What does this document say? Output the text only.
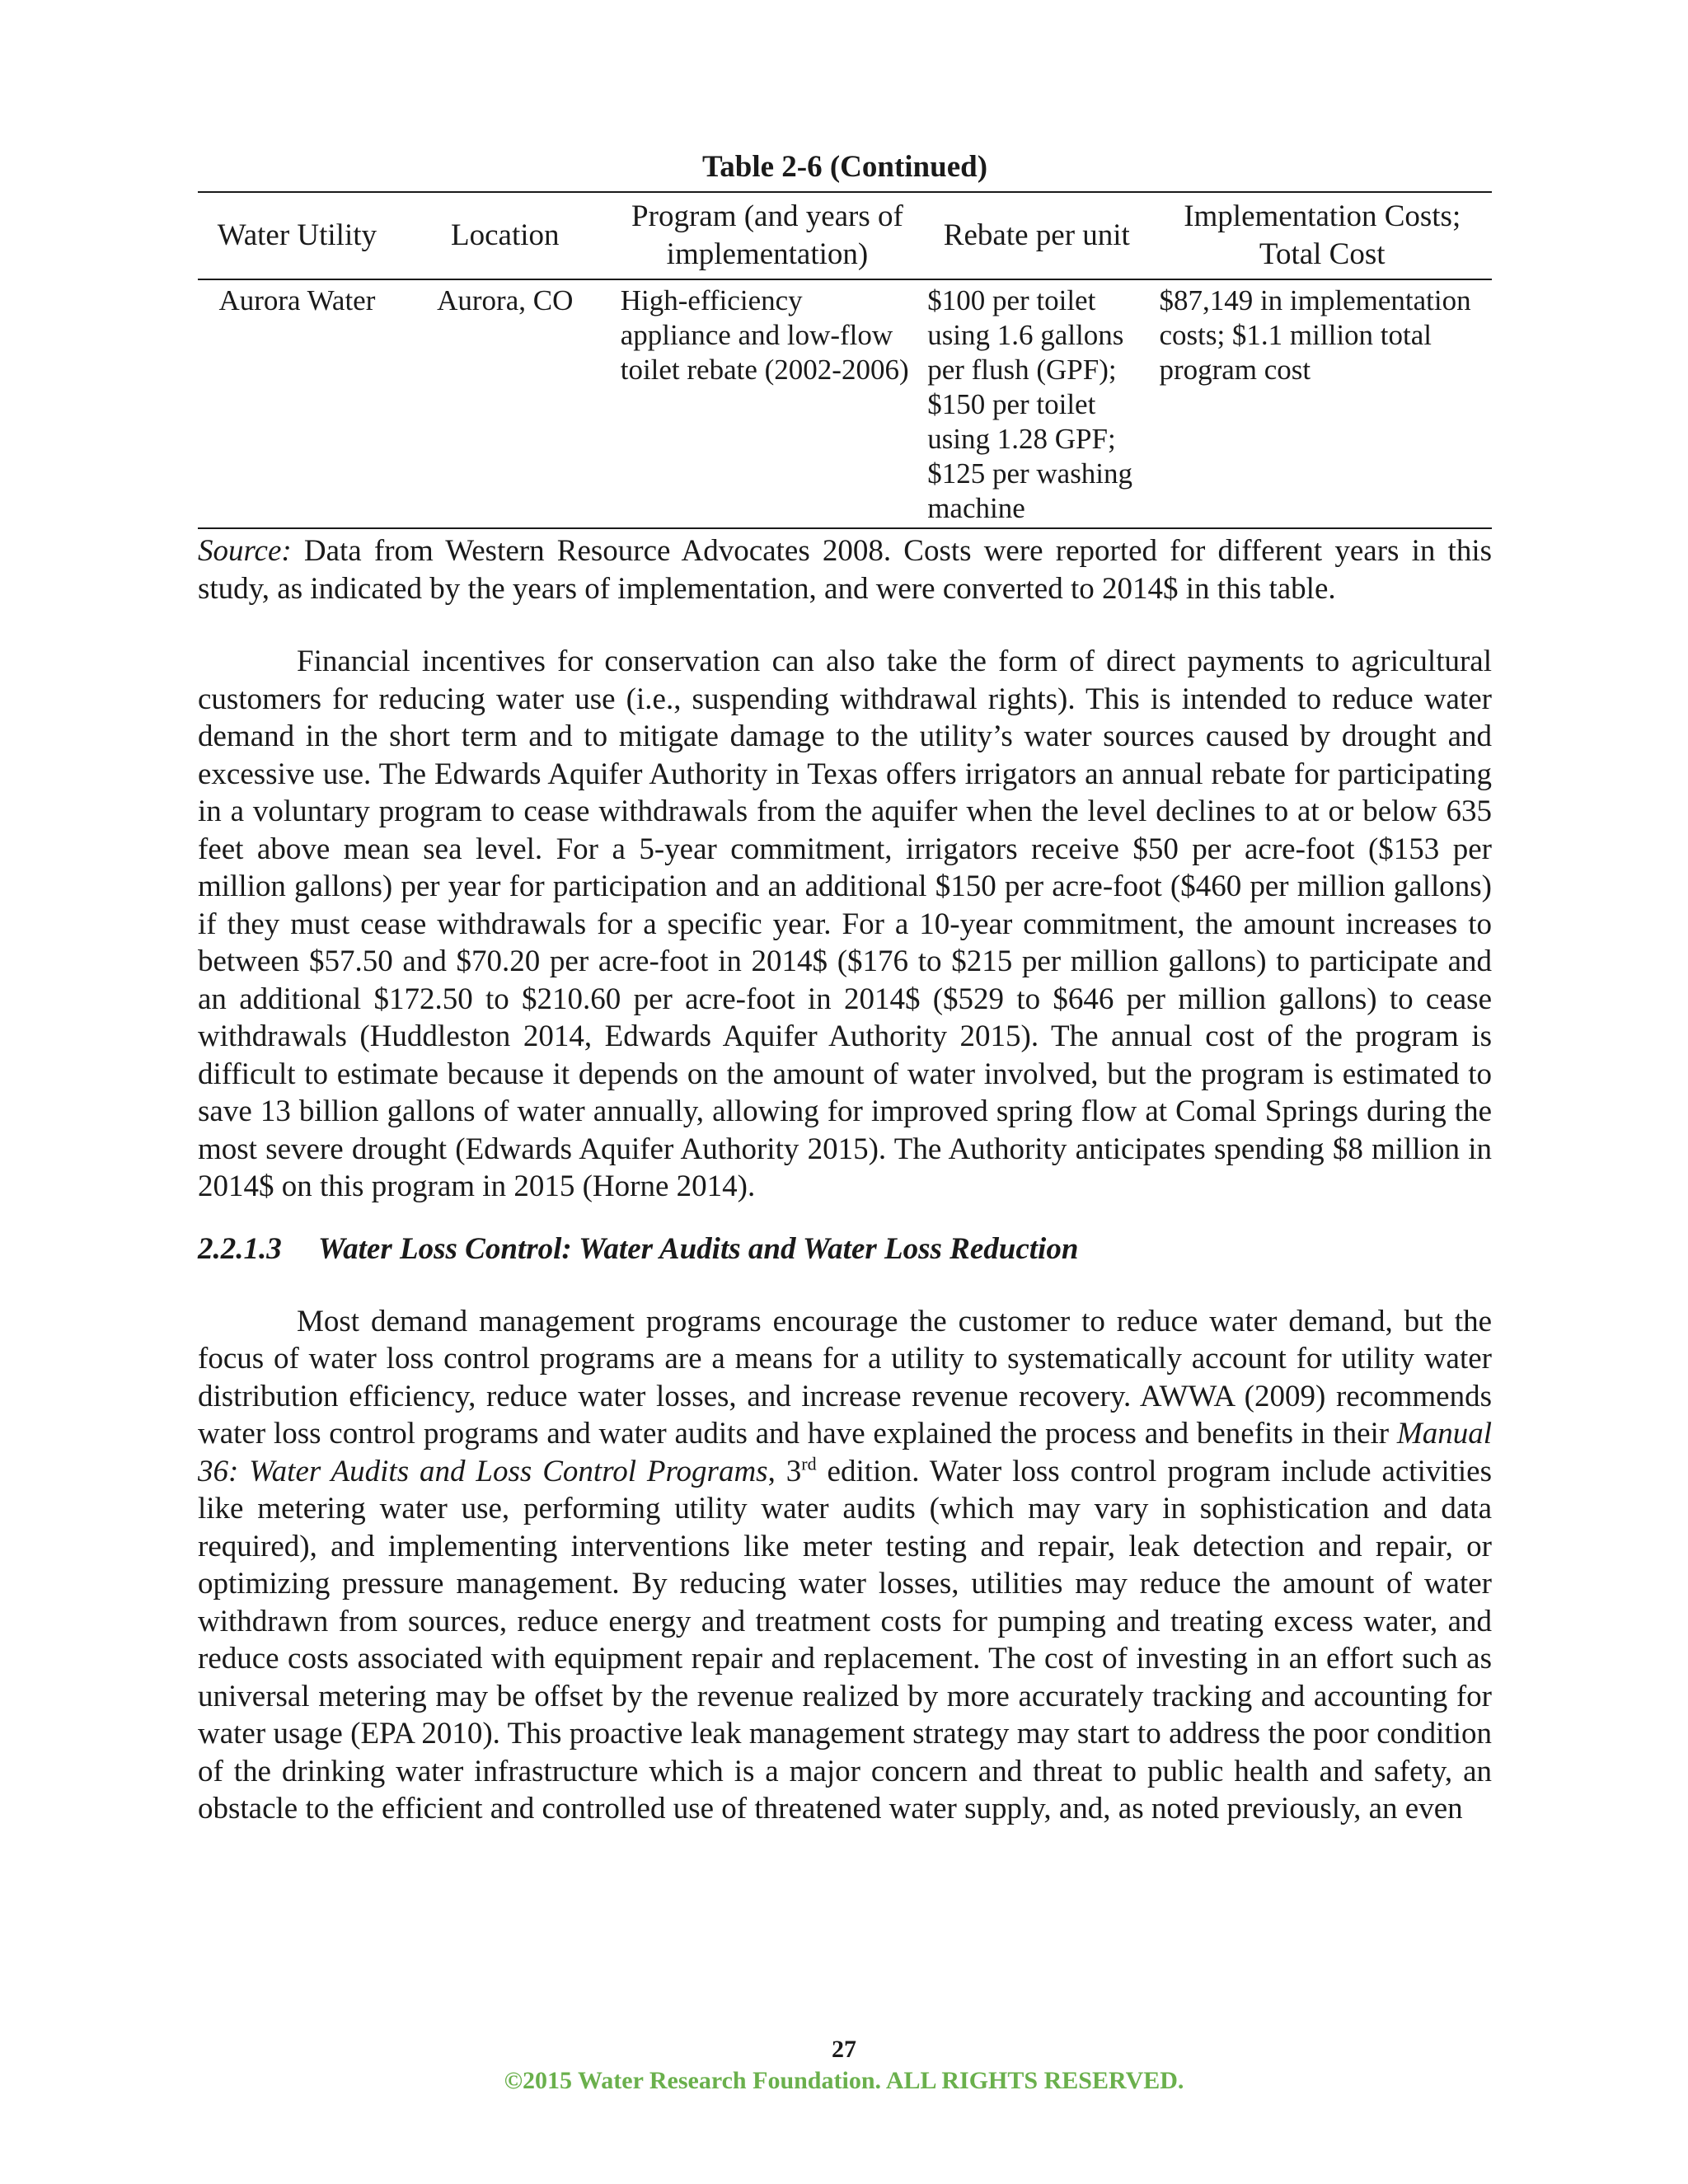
Table 2-6 (Continued)
Water Utility	Location	Program (and years of implementation)	Rebate per unit	Implementation Costs; Total Cost
Aurora Water	Aurora, CO	High-efficiency appliance and low-flow toilet rebate (2002-2006)	$100 per toilet using 1.6 gallons per flush (GPF); $150 per toilet using 1.28 GPF; $125 per washing machine	$87,149 in implementation costs; $1.1 million total program cost
Source: Data from Western Resource Advocates 2008. Costs were reported for different years in this study, as indicated by the years of implementation, and were converted to 2014$ in this table.

Financial incentives for conservation can also take the form of direct payments to agricultural customers for reducing water use (i.e., suspending withdrawal rights). This is intended to reduce water demand in the short term and to mitigate damage to the utility’s water sources caused by drought and excessive use. The Edwards Aquifer Authority in Texas offers irrigators an annual rebate for participating in a voluntary program to cease withdrawals from the aquifer when the level declines to at or below 635 feet above mean sea level. For a 5-year commitment, irrigators receive $50 per acre-foot ($153 per million gallons) per year for participation and an additional $150 per acre-foot ($460 per million gallons) if they must cease withdrawals for a specific year. For a 10-year commitment, the amount increases to between $57.50 and $70.20 per acre-foot in 2014$ ($176 to $215 per million gallons) to participate and an additional $172.50 to $210.60 per acre-foot in 2014$ ($529 to $646 per million gallons) to cease withdrawals (Huddleston 2014, Edwards Aquifer Authority 2015). The annual cost of the program is difficult to estimate because it depends on the amount of water involved, but the program is estimated to save 13 billion gallons of water annually, allowing for improved spring flow at Comal Springs during the most severe drought (Edwards Aquifer Authority 2015). The Authority anticipates spending $8 million in 2014$ on this program in 2015 (Horne 2014).

2.2.1.3 Water Loss Control: Water Audits and Water Loss Reduction

Most demand management programs encourage the customer to reduce water demand, but the focus of water loss control programs are a means for a utility to systematically account for utility water distribution efficiency, reduce water losses, and increase revenue recovery. AWWA (2009) recommends water loss control programs and water audits and have explained the process and benefits in their Manual 36: Water Audits and Loss Control Programs, 3rd edition. Water loss control program include activities like metering water use, performing utility water audits (which may vary in sophistication and data required), and implementing interventions like meter testing and repair, leak detection and repair, or optimizing pressure management. By reducing water losses, utilities may reduce the amount of water withdrawn from sources, reduce energy and treatment costs for pumping and treating excess water, and reduce costs associated with equipment repair and replacement. The cost of investing in an effort such as universal metering may be offset by the revenue realized by more accurately tracking and accounting for water usage (EPA 2010). This proactive leak management strategy may start to address the poor condition of the drinking water infrastructure which is a major concern and threat to public health and safety, an obstacle to the efficient and controlled use of threatened water supply, and, as noted previously, an even

27
©2015 Water Research Foundation. ALL RIGHTS RESERVED.
